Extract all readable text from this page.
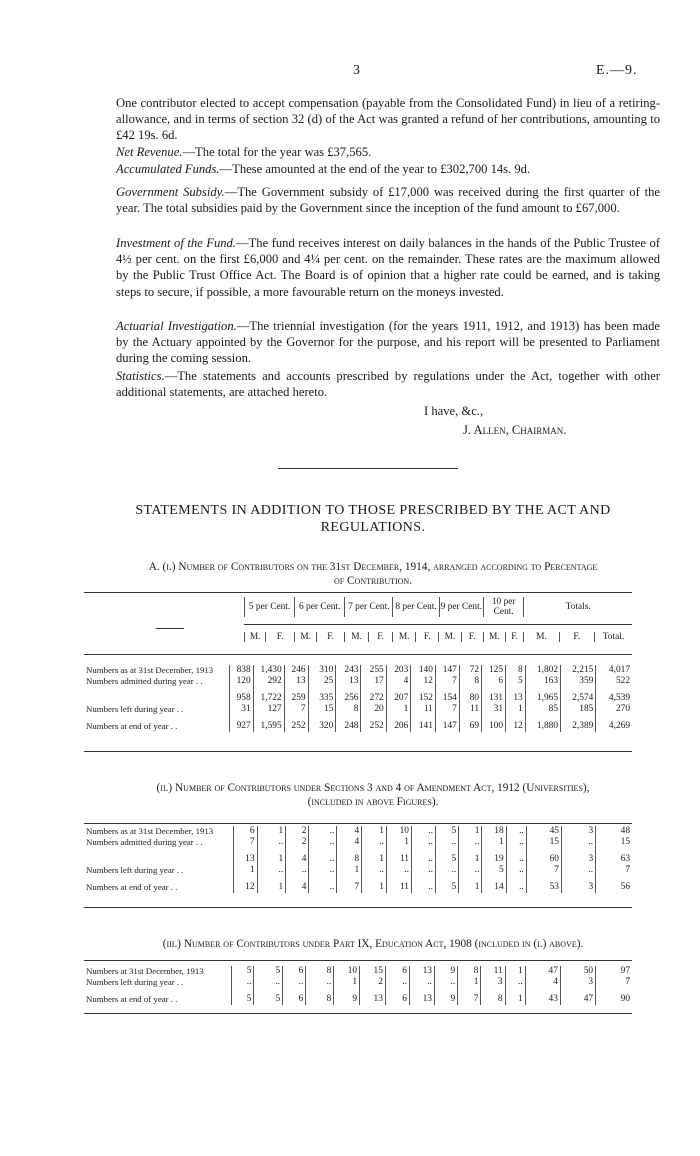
3	E.—9.
One contributor elected to accept compensation (payable from the Consolidated Fund) in lieu of a retiring-allowance, and in terms of section 32 (d) of the Act was granted a refund of her contributions, amounting to £42 19s. 6d.
Net Revenue.—The total for the year was £37,565.
Accumulated Funds.—These amounted at the end of the year to £302,700 14s. 9d.
Government Subsidy.—The Government subsidy of £17,000 was received during the first quarter of the year. The total subsidies paid by the Government since the inception of the fund amount to £67,000.
Investment of the Fund.—The fund receives interest on daily balances in the hands of the Public Trustee of 4½ per cent. on the first £6,000 and 4¼ per cent. on the remainder. These rates are the maximum allowed by the Public Trust Office Act. The Board is of opinion that a higher rate could be earned, and is taking steps to secure, if possible, a more favourable return on the moneys invested.
Actuarial Investigation.—The triennial investigation (for the years 1911, 1912, and 1913) has been made by the Actuary appointed by the Governor for the purpose, and his report will be presented to Parliament during the coming session.
Statistics.—The statements and accounts prescribed by regulations under the Act, together with other additional statements, are attached hereto.
I have, &c.,
J. Allen, Chairman.
STATEMENTS IN ADDITION TO THOSE PRESCRIBED BY THE ACT AND
REGULATIONS.
A. (i.) Number of Contributors on the 31st December, 1914, arranged according to Percentage
of Contribution.
5 per Cent.	6 per Cent.	7 per Cent.	8 per Cent.	9 per Cent.	10 per Cent.	Totals.
M.	F.	M.	F.	M.	F.	M.	F.	M.	F.	M.	F.	M.	F.	Total.
Numbers as at 31st December, 1913	838	1,430	246	310	243	255	203	140	147	72	125	8	1,802	2,215	4,017
Numbers admitted during year . .	120	292	13	25	13	17	4	12	7	8	6	5	163	359	522

	958	1,722	259	335	256	272	207	152	154	80	131	13	1,965	2,574	4,539
Numbers left during year . .	31	127	7	15	8	20	1	11	7	11	31	1	85	185	270

Numbers at end of year . .	927	1,595	252	320	248	252	206	141	147	69	100	12	1,880	2,389	4,269
(ii.) Number of Contributors under Sections 3 and 4 of Amendment Act, 1912 (Universities),
(included in above Figures).
Numbers as at 31st December, 1913	6	1	2	..	4	1	10	..	5	1	18	..	45	3	48
Numbers admitted during year . .	7	..	2	..	4	..	1	..	..	..	1	..	15	..	15

	13	1	4	..	8	1	11	..	5	1	19	..	60	3	63
Numbers left during year . .	1	..	..	..	1	..	..	..	..	..	5	..	7	..	7

Numbers at end of year . .	12	1	4	..	7	1	11	..	5	1	14	..	53	3	56
(iii.) Number of Contributors under Part IX, Education Act, 1908 (included in (i.) above).
Numbers at 31st December, 1913	5	5	6	8	10	15	6	13	9	8	11	1	47	50	97
Numbers left during year . .	..	..	..	..	1	2	..	..	..	1	3	..	4	3	7

Numbers at end of year . .	5	5	6	8	9	13	6	13	9	7	8	1	43	47	90
